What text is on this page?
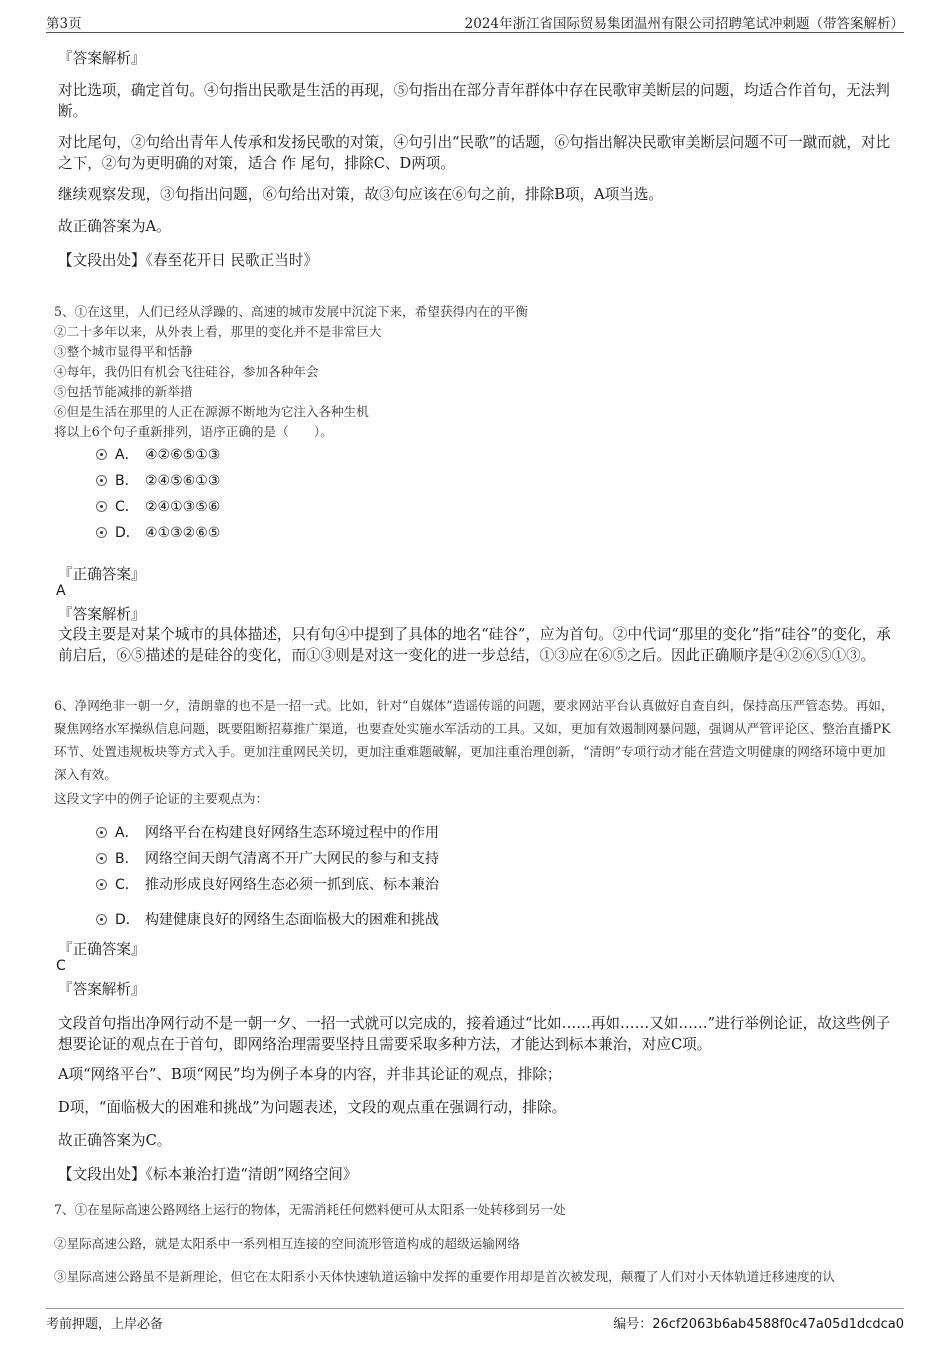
第3页	2024年浙江省国际贸易集团温州有限公司招聘笔试冲刺题（带答案解析）
『答案解析』
对比选项，确定首句。④句指出民歌是生活的再现，⑤句指出在部分青年群体中存在民歌审美断层的问题，均适合作首句，无法判断。
对比尾句，②句给出青年人传承和发扬民歌的对策，④句引出“民歌”的话题，⑥句指出解决民歌审美断层问题不可一蹴而就，对比之下，②句为更明确的对策，适合 作 尾句，排除C、D两项。
继续观察发现，③句指出问题，⑥句给出对策，故③句应该在⑥句之前，排除B项，A项当选。
故正确答案为A。
【文段出处】《春至花开日 民歌正当时》
5、①在这里，人们已经从浮躁的、高速的城市发展中沉淀下来，希望获得内在的平衡
②二十多年以来，从外表上看，那里的变化并不是非常巨大
③整个城市显得平和恬静
④每年，我仍旧有机会飞往硅谷，参加各种年会
⑤包括节能减排的新举措
⑥但是生活在那里的人正在源源不断地为它注入各种生机
将以上6个句子重新排列，语序正确的是（　　）。
A． ④②⑥⑤①③
B． ②④⑤⑥①③
C． ②④①③⑤⑥
D． ④①③②⑥⑤
『正确答案』
A
『答案解析』
文段主要是对某个城市的具体描述，只有句④中提到了具体的地名“硅谷”，应为首句。②中代词“那里的变化”指“硅谷”的变化，承前启后，⑥⑤描述的是硅谷的变化，而①③则是对这一变化的进一步总结，①③应在⑥⑤之后。因此正确顺序是④②⑥⑤①③。
6、净网绝非一朝一夕，清朗靠的也不是一招一式。比如，针对“自媒体”造谣传谣的问题，要求网站平台认真做好自查自纠，保持高压严管态势。再如，聚焦网络水军操纵信息问题，既要阻断招募推广渠道，也要查处实施水军活动的工具。又如，更加有效遏制网暴问题，强调从严管评论区、整治直播PK环节、处置违规板块等方式入手。更加注重网民关切，更加注重难题破解，更加注重治理创新，“清朗”专项行动才能在营造文明健康的网络环境中更加深入有效。
这段文字中的例子论证的主要观点为：
A． 网络平台在构建良好网络生态环境过程中的作用
B． 网络空间天朗气清离不开广大网民的参与和支持
C． 推动形成良好网络生态必须一抓到底、标本兼治
D． 构建健康良好的网络生态面临极大的困难和挑战
『正确答案』
C
『答案解析』
文段首句指出净网行动不是一朝一夕、一招一式就可以完成的，接着通过“比如……再如……又如……”进行举例论证，故这些例子想要论证的观点在于首句，即网络治理需要坚持且需要采取多种方法，才能达到标本兼治，对应C项。
A项“网络平台”、B项“网民”均为例子本身的内容，并非其论证的观点，排除；
D项，“面临极大的困难和挑战”为问题表述，文段的观点重在强调行动，排除。
故正确答案为C。
【文段出处】《标本兼治打造“清朗”网络空间》
7、①在星际高速公路网络上运行的物体，无需消耗任何燃料便可从太阳系一处转移到另一处
②星际高速公路，就是太阳系中一系列相互连接的空间流形管道构成的超级运输网络
③星际高速公路虽不是新理论，但它在太阳系小天体快速轨道运输中发挥的重要作用却是首次被发现，颠覆了人们对小天体轨道迁移速度的认
考前押题，上岸必备	编号：26cf2063b6ab4588f0c47a05d1dcdca0
